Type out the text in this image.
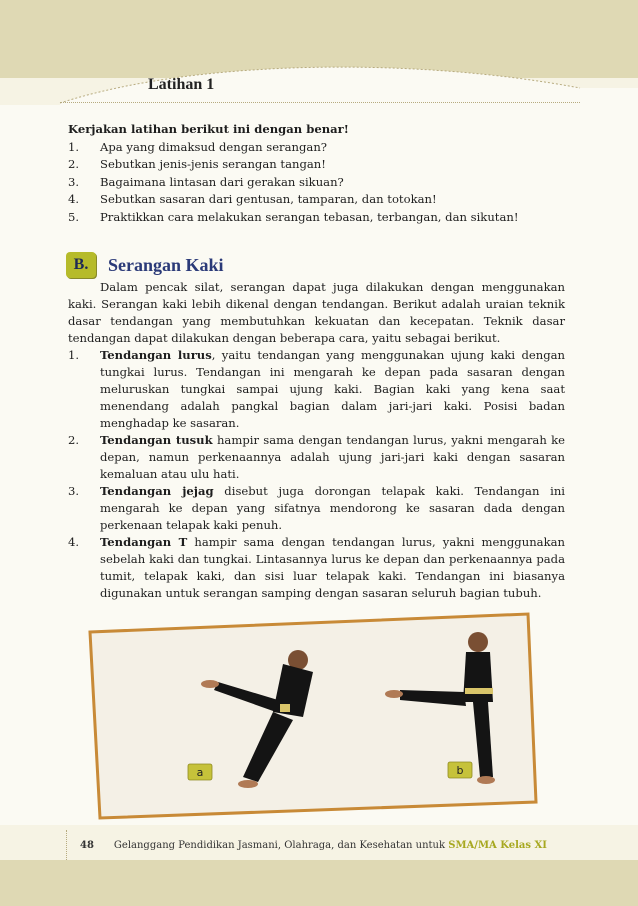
Latihan 1
Kerjakan latihan berikut ini dengan benar!
1.	Apa yang dimaksud dengan serangan?
2.	Sebutkan jenis-jenis serangan tangan!
3.	Bagaimana lintasan dari gerakan sikuan?
4.	Sebutkan sasaran dari gentusan, tamparan, dan totokan!
5.	Praktikkan cara melakukan serangan tebasan, terbangan, dan sikutan!
B.	Serangan Kaki

Dalam pencak silat, serangan dapat juga dilakukan dengan menggunakan kaki. Serangan kaki lebih dikenal dengan tendangan. Berikut adalah uraian teknik dasar tendangan yang membutuhkan kekuatan dan kecepatan. Teknik dasar tendangan dapat dilakukan dengan beberapa cara, yaitu sebagai berikut.

1.	Tendangan lurus, yaitu tendangan yang menggunakan ujung kaki dengan tungkai lurus. Tendangan ini mengarah ke depan pada sasaran dengan meluruskan tungkai sampai ujung kaki. Bagian kaki yang kena saat menendang adalah pangkal bagian dalam jari-jari kaki. Posisi badan menghadap ke sasaran.
2.	Tendangan tusuk hampir sama dengan tendangan lurus, yakni mengarah ke depan, namun perkenaannya adalah ujung jari-jari kaki dengan sasaran kemaluan atau ulu hati.
3.	Tendangan jejag disebut juga dorongan telapak kaki. Tendangan ini mengarah ke depan yang sifatnya mendorong ke sasaran dada dengan perkenaan telapak kaki penuh.
4.	Tendangan T hampir sama dengan tendangan lurus, yakni menggunakan sebelah kaki dan tungkai. Lintasannya lurus ke depan dan perkenaannya pada tumit, telapak kaki, dan sisi luar telapak kaki. Tendangan ini biasanya digunakan untuk serangan samping dengan sasaran seluruh bagian tubuh.
a	b
48 Gelanggang Pendidikan Jasmani, Olahraga, dan Kesehatan untuk SMA/MA Kelas XI
